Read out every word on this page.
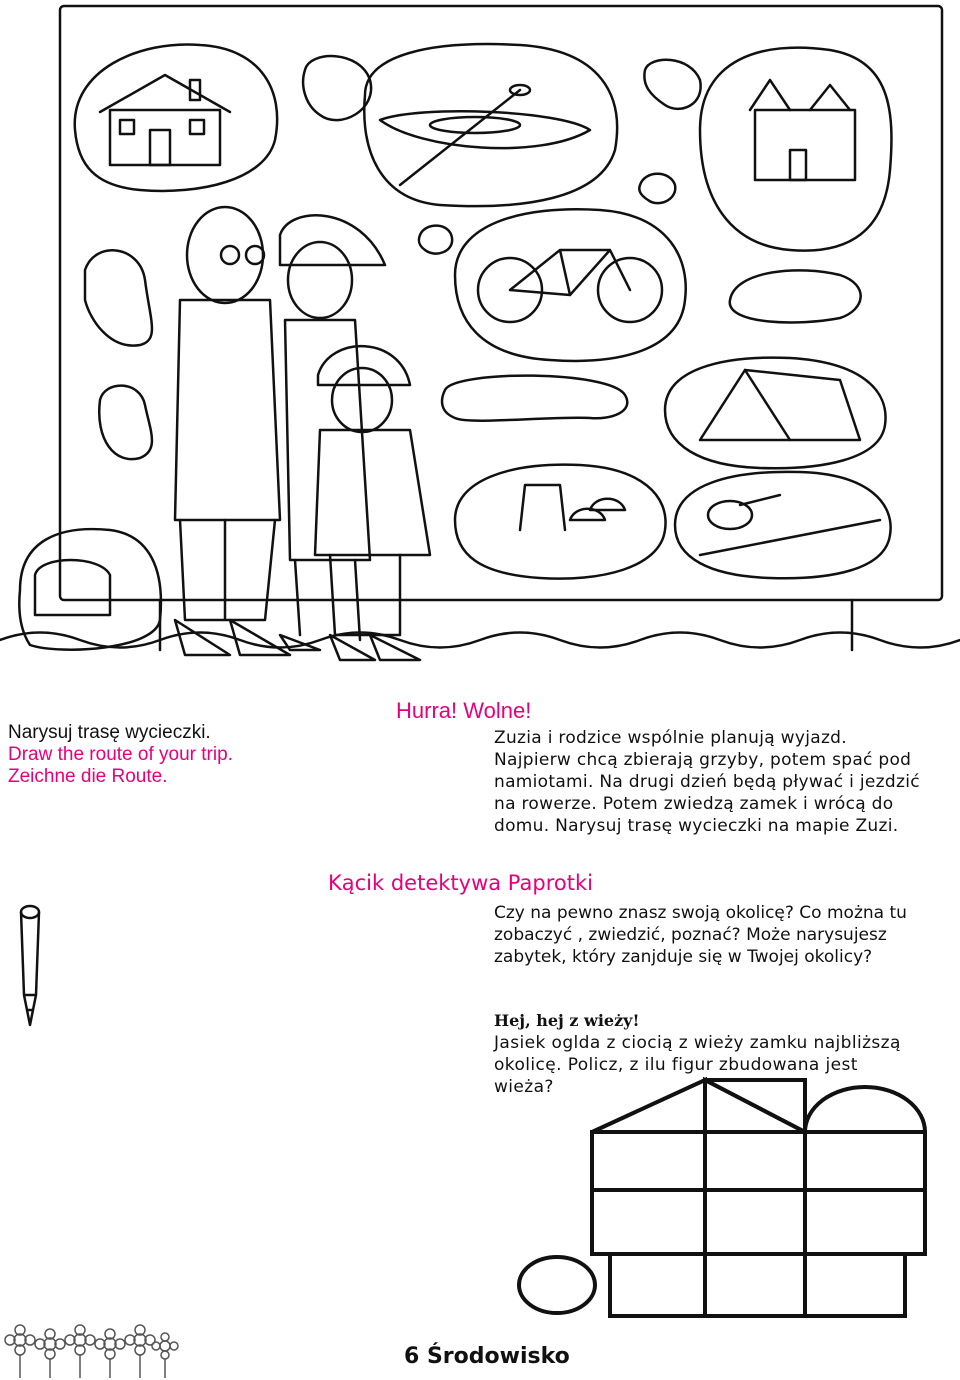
Narysuj trasę wycieczki.
Draw the route of your trip.
Zeichne die Route.
Hurra! Wolne!
Zuzia i rodzice wspólnie planują wyjazd.
Najpierw chcą zbierają grzyby, potem spać pod
namiotami. Na drugi dzień będą pływać i jezdzić
na rowerze. Potem zwiedzą zamek i wrócą do
domu. Narysuj trasę wycieczki na mapie Zuzi.
Kącik detektywa Paprotki
Czy na pewno znasz swoją okolicę? Co można tu
zobaczyć , zwiedzić, poznać? Może narysujesz
zabytek, który zanjduje się w Twojej okolicy?
Hej, hej z wieży!
Jasiek oglda z ciocią z wieży zamku najbliższą
okolicę. Policz, z ilu figur zbudowana jest
wieża?
6 Środowisko
